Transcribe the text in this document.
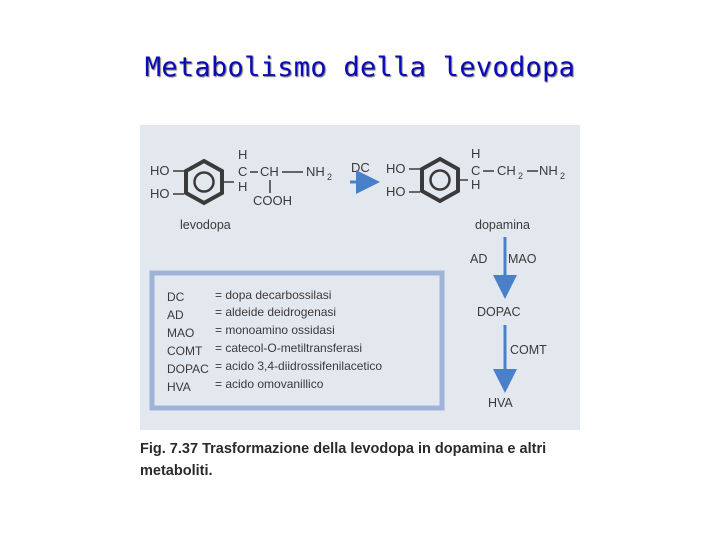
Metabolismo della levodopa
HO
HO
H
C
H
CH NH 2
COOH
levodopa
DC HO
HO
H
C
H
CH 2 NH 2
dopamina
AD MAO
DOPAC
COMT
HVA
DC	= dopa decarbossilasi
AD	= aldeide deidrogenasi
MAO = monoamino ossidasi
COMT = catecol-O-metiltransferasi
DOPAC = acido 3,4-diidrossifenilacetico
HVA = acido omovanillico
Fig. 7.37 Trasformazione della levodopa in dopamina e altri metaboliti.
